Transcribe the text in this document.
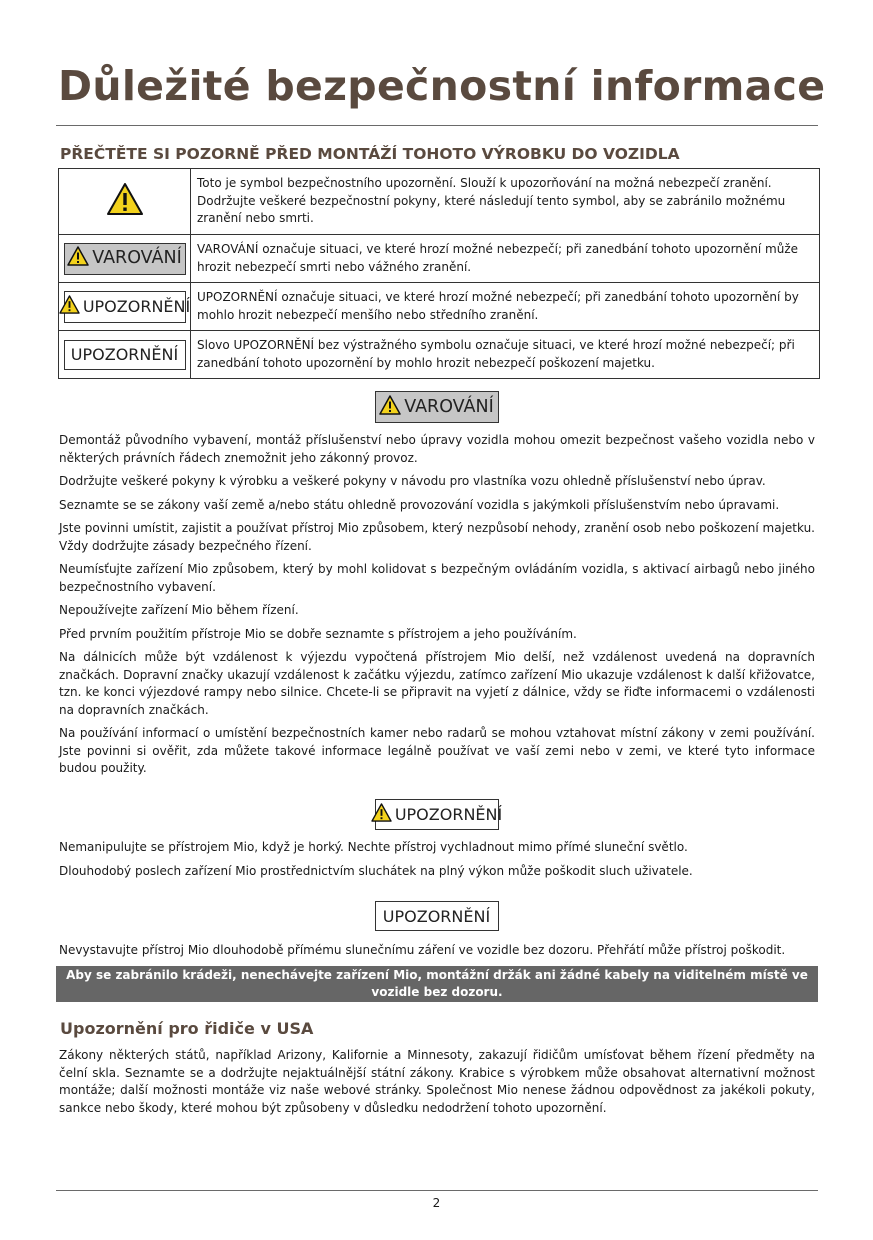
Důležité bezpečnostní informace
PŘEČTĚTE SI POZORNĚ PŘED MONTÁŽÍ TOHOTO VÝROBKU DO VOZIDLA
	Toto je symbol bezpečnostního upozornění. Slouží k upozorňování na možná nebezpečí zranění. Dodržujte veškeré bezpečnostní pokyny, které následují tento symbol, aby se zabránilo možnému zranění nebo smrti.

VAROVÁNÍ	VAROVÁNÍ označuje situaci, ve které hrozí možné nebezpečí; při zanedbání tohoto upozornění může hrozit nebezpečí smrti nebo vážného zranění.

UPOZORNĚNÍ	UPOZORNĚNÍ označuje situaci, ve které hrozí možné nebezpečí; při zanedbání tohoto upozornění by mohlo hrozit nebezpečí menšího nebo středního zranění.

UPOZORNĚNÍ	Slovo UPOZORNĚNÍ bez výstražného symbolu označuje situaci, ve které hrozí možné nebezpečí; při zanedbání tohoto upozornění by mohlo hrozit nebezpečí poškození majetku.
VAROVÁNÍ

Demontáž původního vybavení, montáž příslušenství nebo úpravy vozidla mohou omezit bezpečnost vašeho vozidla nebo v některých právních řádech znemožnit jeho zákonný provoz.

Dodržujte veškeré pokyny k výrobku a veškeré pokyny v návodu pro vlastníka vozu ohledně příslušenství nebo úprav.

Seznamte se se zákony vaší země a/nebo státu ohledně provozování vozidla s jakýmkoli příslušenstvím nebo úpravami.

Jste povinni umístit, zajistit a používat přístroj Mio způsobem, který nezpůsobí nehody, zranění osob nebo poškození majetku. Vždy dodržujte zásady bezpečného řízení.

Neumísťujte zařízení Mio způsobem, který by mohl kolidovat s bezpečným ovládáním vozidla, s aktivací airbagů nebo jiného bezpečnostního vybavení.

Nepoužívejte zařízení Mio během řízení.

Před prvním použitím přístroje Mio se dobře seznamte s přístrojem a jeho používáním.

Na dálnicích může být vzdálenost k výjezdu vypočtená přístrojem Mio delší, než vzdálenost uvedená na dopravních značkách. Dopravní značky ukazují vzdálenost k začátku výjezdu, zatímco zařízení Mio ukazuje vzdálenost k další křižovatce, tzn. ke konci výjezdové rampy nebo silnice. Chcete-li se připravit na vyjetí z dálnice, vždy se řiďte informacemi o vzdálenosti na dopravních značkách.

Na používání informací o umístění bezpečnostních kamer nebo radarů se mohou vztahovat místní zákony v zemi používání. Jste povinni si ověřit, zda můžete takové informace legálně používat ve vaší zemi nebo v zemi, ve které tyto informace budou použity.

UPOZORNĚNÍ

Nemanipulujte se přístrojem Mio, když je horký. Nechte přístroj vychladnout mimo přímé sluneční světlo.

Dlouhodobý poslech zařízení Mio prostřednictvím sluchátek na plný výkon může poškodit sluch uživatele.

UPOZORNĚNÍ

Nevystavujte přístroj Mio dlouhodobě přímému slunečnímu záření ve vozidle bez dozoru. Přehřátí může přístroj poškodit.

Aby se zabránilo krádeži, nenechávejte zařízení Mio, montážní držák ani žádné kabely na viditelném místě ve vozidle bez dozoru.
Upozornění pro řidiče v USA

Zákony některých států, například Arizony, Kalifornie a Minnesoty, zakazují řidičům umísťovat během řízení předměty na čelní skla. Seznamte se a dodržujte nejaktuálnější státní zákony. Krabice s výrobkem může obsahovat alternativní možnost montáže; další možnosti montáže viz naše webové stránky. Společnost Mio nenese žádnou odpovědnost za jakékoli pokuty, sankce nebo škody, které mohou být způsobeny v důsledku nedodržení tohoto upozornění.

2
